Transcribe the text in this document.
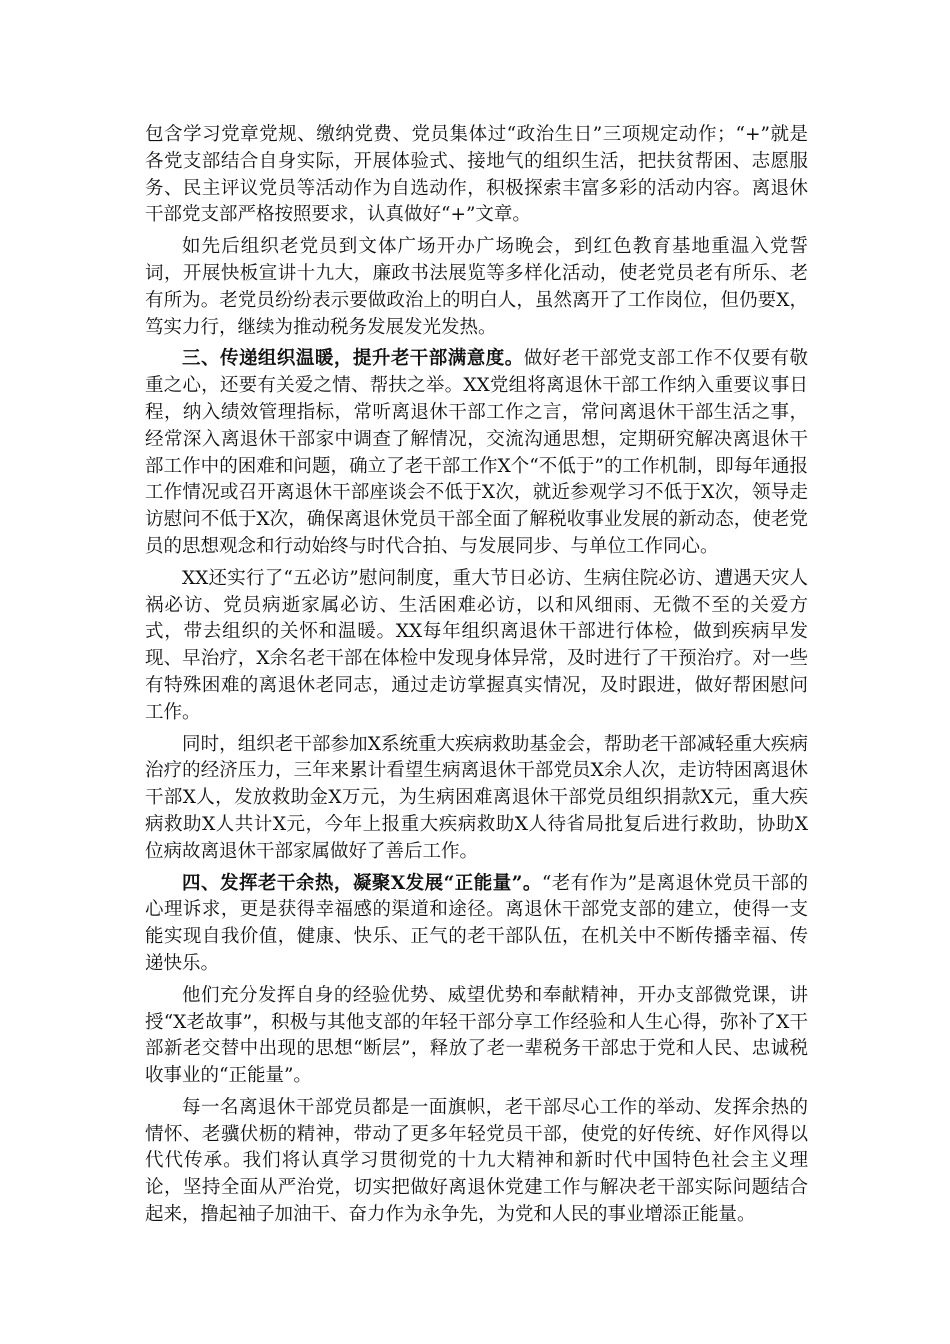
包含学习党章党规、缴纳党费、党员集体过“政治生日”三项规定动作；“+”就是各党支部结合自身实际，开展体验式、接地气的组织生活，把扶贫帮困、志愿服务、民主评议党员等活动作为自选动作，积极探索丰富多彩的活动内容。离退休干部党支部严格按照要求，认真做好“+”文章。

如先后组织老党员到文体广场开办广场晚会，到红色教育基地重温入党誓词，开展快板宣讲十九大，廉政书法展览等多样化活动，使老党员老有所乐、老有所为。老党员纷纷表示要做政治上的明白人，虽然离开了工作岗位，但仍要X，笃实力行，继续为推动税务发展发光发热。

三、传递组织温暖，提升老干部满意度。做好老干部党支部工作不仅要有敬重之心，还要有关爱之情、帮扶之举。XX党组将离退休干部工作纳入重要议事日程，纳入绩效管理指标，常听离退休干部工作之言，常问离退休干部生活之事，经常深入离退休干部家中调查了解情况，交流沟通思想，定期研究解决离退休干部工作中的困难和问题，确立了老干部工作X个“不低于”的工作机制，即每年通报工作情况或召开离退休干部座谈会不低于X次，就近参观学习不低于X次，领导走访慰问不低于X次，确保离退休党员干部全面了解税收事业发展的新动态，使老党员的思想观念和行动始终与时代合拍、与发展同步、与单位工作同心。

XX还实行了“五必访”慰问制度，重大节日必访、生病住院必访、遭遇天灾人祸必访、党员病逝家属必访、生活困难必访，以和风细雨、无微不至的关爱方式，带去组织的关怀和温暖。XX每年组织离退休干部进行体检，做到疾病早发现、早治疗，X余名老干部在体检中发现身体异常，及时进行了干预治疗。对一些有特殊困难的离退休老同志，通过走访掌握真实情况，及时跟进，做好帮困慰问工作。

同时，组织老干部参加X系统重大疾病救助基金会，帮助老干部减轻重大疾病治疗的经济压力，三年来累计看望生病离退休干部党员X余人次，走访特困离退休干部X人，发放救助金X万元，为生病困难离退休干部党员组织捐款X元，重大疾病救助X人共计X元，今年上报重大疾病救助X人待省局批复后进行救助，协助X位病故离退休干部家属做好了善后工作。

四、发挥老干余热，凝聚X发展“正能量”。“老有作为”是离退休党员干部的心理诉求，更是获得幸福感的渠道和途径。离退休干部党支部的建立，使得一支能实现自我价值，健康、快乐、正气的老干部队伍，在机关中不断传播幸福、传递快乐。

他们充分发挥自身的经验优势、威望优势和奉献精神，开办支部微党课，讲授“X老故事”，积极与其他支部的年轻干部分享工作经验和人生心得，弥补了X干部新老交替中出现的思想“断层”，释放了老一辈税务干部忠于党和人民、忠诚税收事业的“正能量”。

每一名离退休干部党员都是一面旗帜，老干部尽心工作的举动、发挥余热的情怀、老骥伏枥的精神，带动了更多年轻党员干部，使党的好传统、好作风得以代代传承。我们将认真学习贯彻党的十九大精神和新时代中国特色社会主义理论，坚持全面从严治党，切实把做好离退休党建工作与解决老干部实际问题结合起来，撸起袖子加油干、奋力作为永争先，为党和人民的事业增添正能量。
